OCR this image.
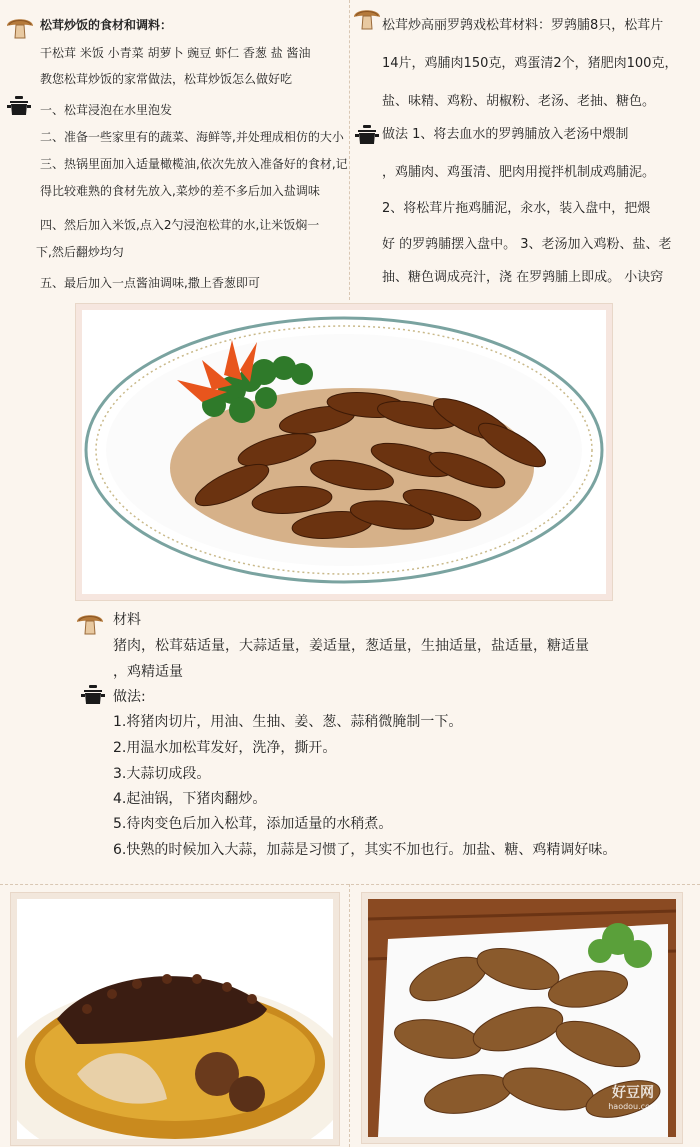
松茸炒饭的食材和调料：
干松茸 米饭 小青菜 胡萝卜 豌豆 虾仁 香葱 盐 酱油
教您松茸炒饭的家常做法，松茸炒饭怎么做好吃
一、松茸浸泡在水里泡发
二、准备一些家里有的蔬菜、海鲜等,并处理成相仿的大小
三、热锅里面加入适量橄榄油,依次先放入准备好的食材,记
得比较难熟的食材先放入,菜炒的差不多后加入盐调味
四、然后加入米饭,点入2勺浸泡松茸的水,让米饭焖一
下,然后翻炒均匀
五、最后加入一点酱油调味,撒上香葱即可
松茸炒高丽罗鹑戏松茸材料：罗鹑脯8只，松茸片
14片，鸡脯肉150克，鸡蛋清2个，猪肥肉100克，
盐、味精、鸡粉、胡椒粉、老汤、老抽、糖色。
做法 1、将去血水的罗鹑脯放入老汤中煨制
，鸡脯肉、鸡蛋清、肥肉用搅拌机制成鸡脯泥。
2、将松茸片拖鸡脯泥，汆水，装入盘中，把煨
好 的罗鹑脯摆入盘中。 3、老汤加入鸡粉、盐、老
抽、糖色调成亮汁，浇 在罗鹑脯上即成。 小诀窍
材料
猪肉，松茸菇适量，大蒜适量，姜适量，葱适量，生抽适量，盐适量，糖适量
，鸡精适量
做法:
1.将猪肉切片，用油、生抽、姜、葱、蒜稍微腌制一下。
2.用温水加松茸发好，洗净，撕开。
3.大蒜切成段。
4.起油锅，下猪肉翻炒。
5.待肉变色后加入松茸，添加适量的水稍煮。
6.快熟的时候加入大蒜，加蒜是习惯了，其实不加也行。加盐、糖、鸡精调好味。
好豆网
haodou.com
